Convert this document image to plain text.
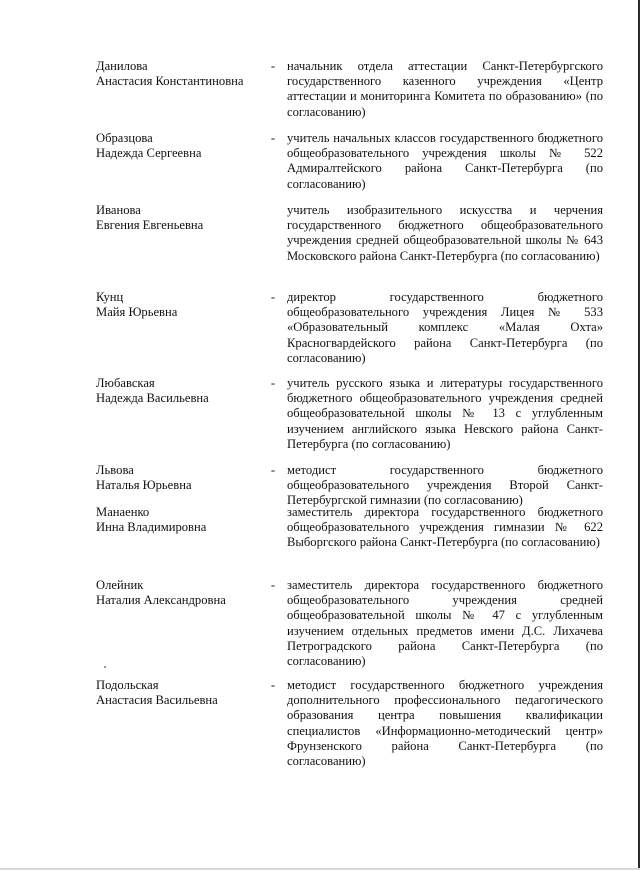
Данилова
Анастасия Константиновна
- начальник отдела аттестации Санкт-Петербургского государственного казенного учреждения «Центр аттестации и мониторинга Комитета по образованию» (по согласованию)
Образцова
Надежда Сергеевна
- учитель начальных классов государственного бюджетного общеобразовательного учреждения школы № 522 Адмиралтейского района Санкт-Петербурга (по согласованию)
Иванова
Евгения Евгеньевна
учитель изобразительного искусства и черчения государственного бюджетного общеобразовательного учреждения средней общеобразовательной школы № 643 Московского района Санкт-Петербурга (по согласованию)
Кунц
Майя Юрьевна
- директор государственного бюджетного общеобразовательного учреждения Лицея № 533 «Образовательный комплекс «Малая Охта» Красногвардейского района Санкт-Петербурга (по согласованию)
Любавская
Надежда Васильевна
- учитель русского языка и литературы государственного бюджетного общеобразовательного учреждения средней общеобразовательной школы № 13 с углубленным изучением английского языка Невского района Санкт-Петербурга (по согласованию)
Львова
Наталья Юрьевна
- методист государственного бюджетного общеобразовательного учреждения Второй Санкт-Петербургской гимназии (по согласованию)
Манаенко
Инна Владимировна
заместитель директора государственного бюджетного общеобразовательного учреждения гимназии № 622 Выборгского района Санкт-Петербурга (по согласованию)
Олейник
Наталия Александровна
- заместитель директора государственного бюджетного общеобразовательного учреждения средней общеобразовательной школы № 47 с углубленным изучением отдельных предметов имени Д.С. Лихачева Петроградского района Санкт-Петербурга (по согласованию)
Подольская
Анастасия Васильевна
- методист государственного бюджетного учреждения дополнительного профессионального педагогического образования центра повышения квалификации специалистов «Информационно-методический центр» Фрунзенского района Санкт-Петербурга (по согласованию)
